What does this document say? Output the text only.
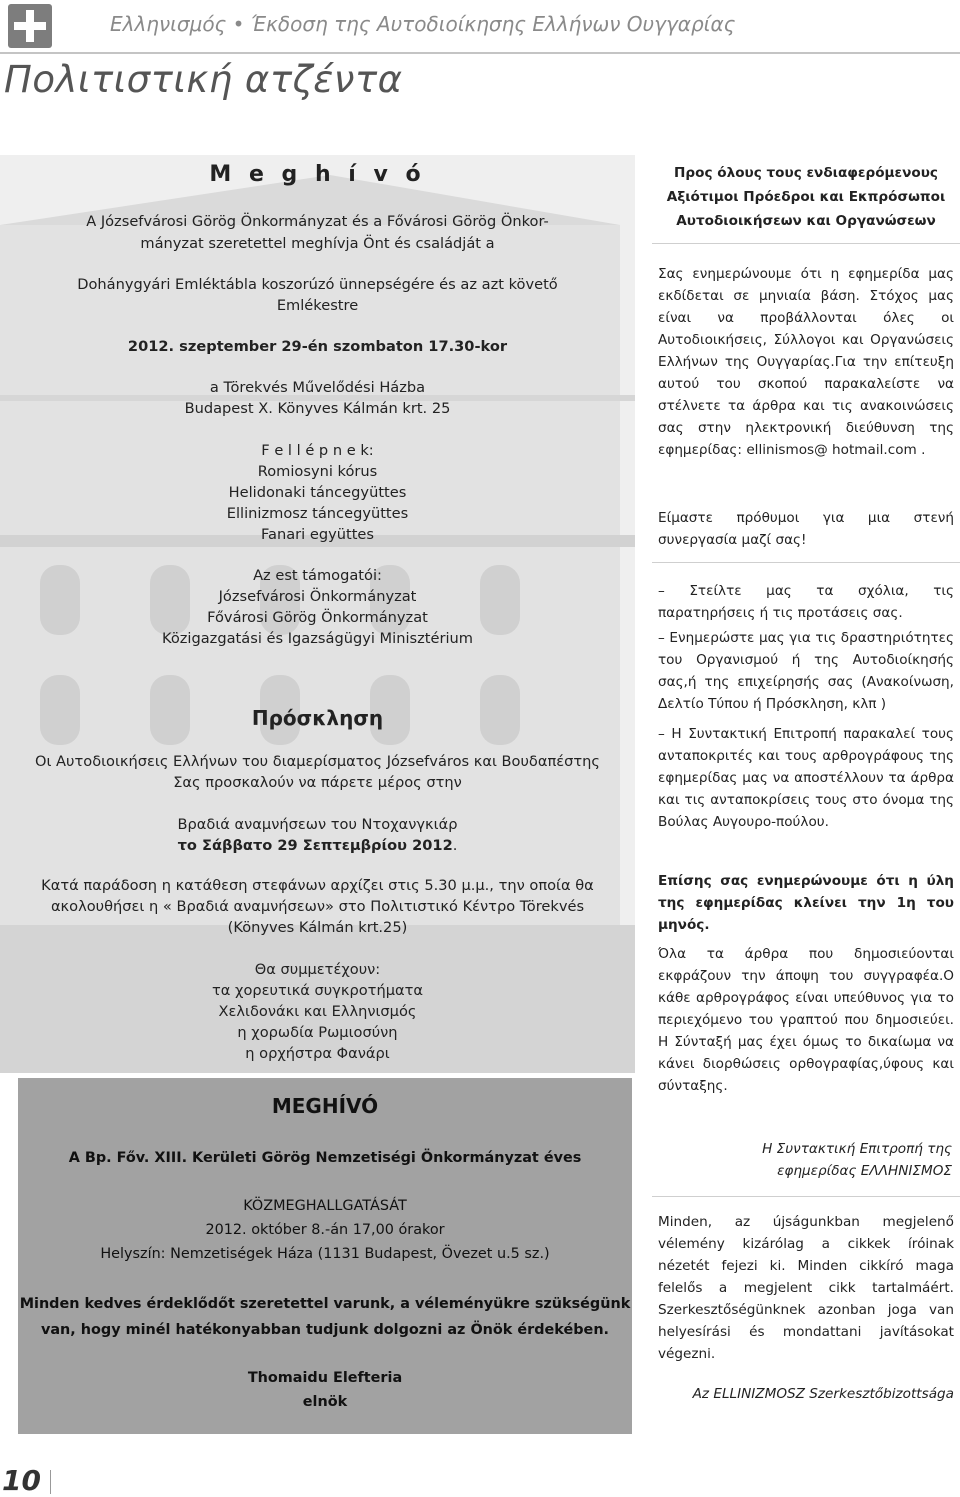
Ελληνισμός • Έκδοση της Αυτοδιοίκησης Ελλήνων Ουγγαρίας
Πολιτιστική ατζέντα
M e g h í v ó
A Józsefvárosi Görög Önkormányzat és a Fővárosi Görög Önkor-
mányzat szeretettel meghívja Önt és családját a
Dohánygyári Emléktábla koszorúzó ünnepségére és az azt követő
Emlékestre
2012. szeptember 29-én szombaton 17.30-kor
a Törekvés Művelődési Házba
Budapest X. Könyves Kálmán krt. 25
F e l l é p n e k:
Romiosyni kórus
Helidonaki táncegyüttes
Ellinizmosz táncegyüttes
Fanari együttes
Az est támogatói:
Józsefvárosi Önkormányzat
Fővárosi Görög Önkormányzat
Közigazgatási és Igazságügyi Minisztérium
Πρόσκληση
Οι Αυτοδιοικήσεις Ελλήνων του διαμερίσματος Józsefváros και Βουδαπέστης
Σας προσκαλούν να πάρετε μέρος στην
Βραδιά αναμνήσεων του Ντοχανγκιάρ
το Σάββατο 29 Σεπτεμβρίου 2012.
Κατά παράδοση η κατάθεση στεφάνων αρχίζει στις 5.30 μ.μ., την οποία θα
ακολουθήσει η « Βραδιά αναμνήσεων» στο Πολιτιστικό Κέντρο Törekvés
(Könyves Kálmán krt.25)
Θα συμμετέχουν:
τα χορευτικά συγκροτήματα
Χελιδονάκι και Ελληνισμός
η χορωδία Ρωμιοσύνη
η ορχήστρα Φανάρι
MEGHÍVÓ
A Bp. Főv. XIII. Kerületi Görög Nemzetiségi Önkormányzat éves
KÖZMEGHALLGATÁSÁT
2012. október 8.-án 17,00 órakor
Helyszín: Nemzetiségek Háza (1131 Budapest, Övezet u.5 sz.)
Minden kedves érdeklődőt szeretettel varunk, a véleményükre szükségünk
van, hogy minél hatékonyabban tudjunk dolgozni az Önök érdekében.
Thomaidu Elefteria
elnök
Προς όλους τους ενδιαφερόμενους
Αξιότιμοι Πρόεδροι και Εκπρόσωποι
Αυτοδιοικήσεων και Οργανώσεων
Σας ενημερώνουμε ότι η εφημερίδα μας εκδίδεται σε μηνιαία βάση. Στόχος μας είναι να προβάλλονται όλες οι Αυτοδιοικήσεις, Σύλλογοι και Οργανώσεις Ελλήνων της Ουγγαρίας.Για την επίτευξη αυτού του σκοπού παρακαλείστε να στέλνετε τα άρθρα και τις ανακοινώσεις σας στην ηλεκτρονική διεύθυνση της εφημερίδας: ellinismos@ hotmail.com .
Είμαστε πρόθυμοι για μια στενή συνεργασία μαζί σας!
– Στείλτε μας τα σχόλια, τις παρατηρήσεις ή τις προτάσεις σας.
– Ενημερώστε μας για τις δραστηριότητες του Οργανισμού ή της Αυτοδιοίκησής σας,ή της επιχείρησής σας (Ανακοίνωση, Δελτίο Τύπου ή Πρόσκληση, κλπ )
– Η Συντακτική Επιτροπή παρακαλεί τους ανταποκριτές και τους αρθρογράφους της εφημερίδας μας να αποστέλλουν τα άρθρα και τις ανταποκρίσεις τους στο όνομα της Βούλας Αυγουρο-πούλου.
Επίσης σας ενημερώνουμε ότι η ύλη της εφημερίδας κλείνει την 1η του μηνός.
Όλα τα άρθρα που δημοσιεύονται εκφράζουν την άποψη του συγγραφέα.Ο κάθε αρθρογράφος είναι υπεύθυνος για το περιεχόμενο του γραπτού που δημοσιεύει. Η Σύνταξή μας έχει όμως το δικαίωμα να κάνει διορθώσεις ορθογραφίας,ύφους και σύνταξης.
Η Συντακτική Επιτροπή της εφημερίδας ΕΛΛΗΝΙΣΜΟΣ
Minden, az újságunkban megjelenő vélemény kizárólag a cikkek íróinak nézetét fejezi ki. Minden cikkíró maga felelős a megjelent cikk tartalmáért. Szerkesztőségünknek azonban joga van helyesírási és mondattani javításokat végezni.
Az ELLINIZMOSZ Szerkesztőbizottsága
10
